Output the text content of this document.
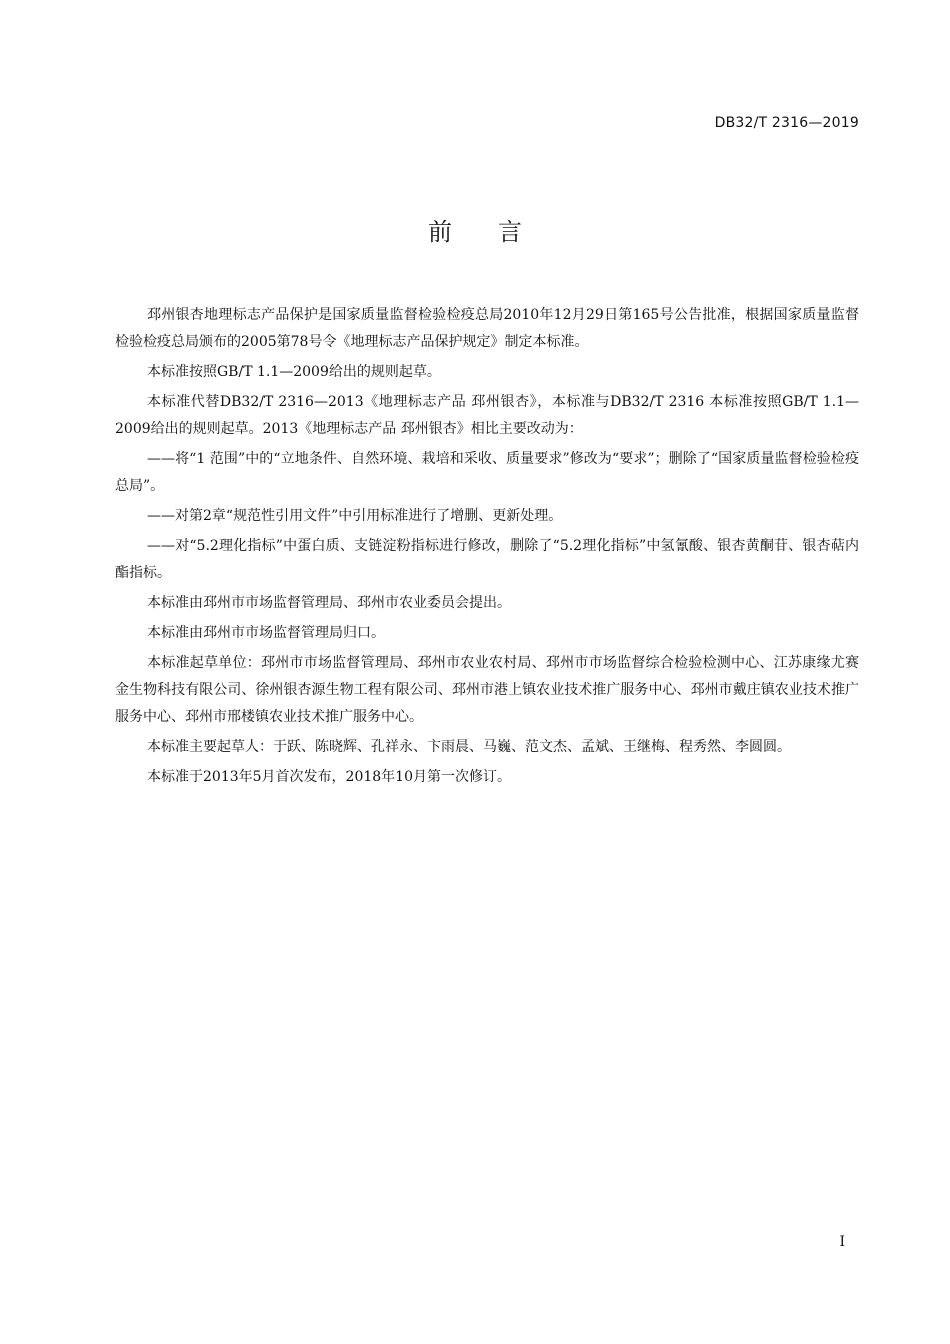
DB32/T 2316—2019
前言

邳州银杏地理标志产品保护是国家质量监督检验检疫总局2010年12月29日第165号公告批准，根据国家质量监督检验检疫总局颁布的2005第78号令《地理标志产品保护规定》制定本标准。

本标准按照GB/T 1.1—2009给出的规则起草。

本标准代替DB32/T 2316—2013《地理标志产品 邳州银杏》，本标准与DB32/T 2316 本标准按照GB/T 1.1—2009给出的规则起草。2013《地理标志产品 邳州银杏》相比主要改动为：

——将“1 范围”中的“立地条件、自然环境、栽培和采收、质量要求”修改为“要求”；删除了“国家质量监督检验检疫总局”。

——对第2章“规范性引用文件”中引用标准进行了增删、更新处理。

——对“5.2理化指标”中蛋白质、支链淀粉指标进行修改，删除了“5.2理化指标”中氢氰酸、银杏黄酮苷、银杏萜内酯指标。

本标准由邳州市市场监督管理局、邳州市农业委员会提出。

本标准由邳州市市场监督管理局归口。

本标准起草单位：邳州市市场监督管理局、邳州市农业农村局、邳州市市场监督综合检验检测中心、江苏康缘尤赛金生物科技有限公司、徐州银杏源生物工程有限公司、邳州市港上镇农业技术推广服务中心、邳州市戴庄镇农业技术推广服务中心、邳州市邢楼镇农业技术推广服务中心。

本标准主要起草人：于跃、陈晓辉、孔祥永、卞雨晨、马巍、范文杰、孟斌、王继梅、程秀然、李圆圆。

本标准于2013年5月首次发布，2018年10月第一次修订。

I
